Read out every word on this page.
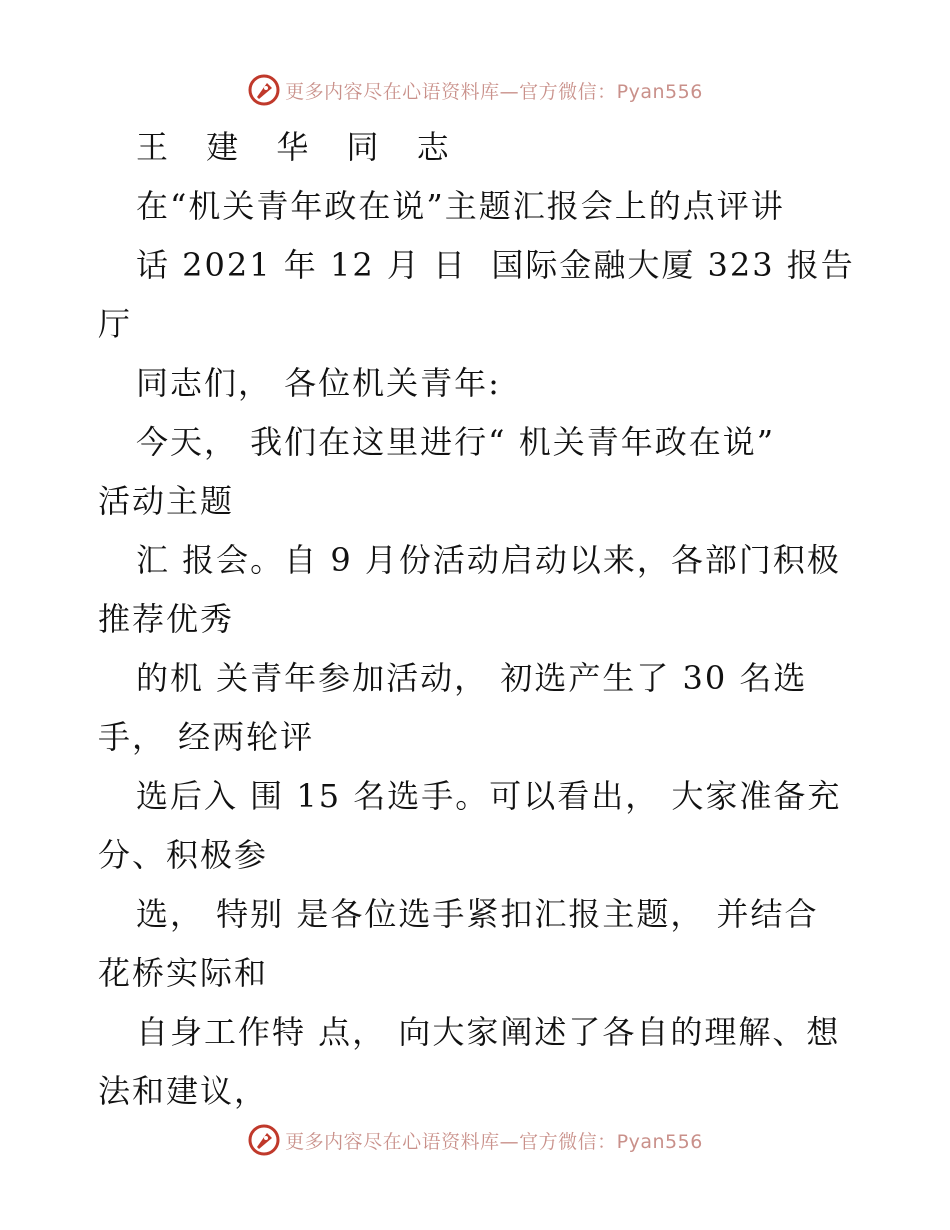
更多内容尽在心语资料库—官方微信：Pyan556
王 建 华 同 志
在“机关青年政在说”主题汇报会上的点评讲
话 2021 年 12 月 日  国际金融大厦 323 报告
厅
同志们， 各位机关青年:
今天， 我们在这里进行“ 机关青年政在说”
活动主题
汇 报会。自 9 月份活动启动以来，各部门积极
推荐优秀
的机 关青年参加活动， 初选产生了 30 名选
手， 经两轮评
选后入 围 15 名选手。可以看出， 大家准备充
分、积极参
选， 特别 是各位选手紧扣汇报主题， 并结合
花桥实际和
自身工作特 点， 向大家阐述了各自的理解、想
法和建议，
更多内容尽在心语资料库—官方微信：Pyan556
